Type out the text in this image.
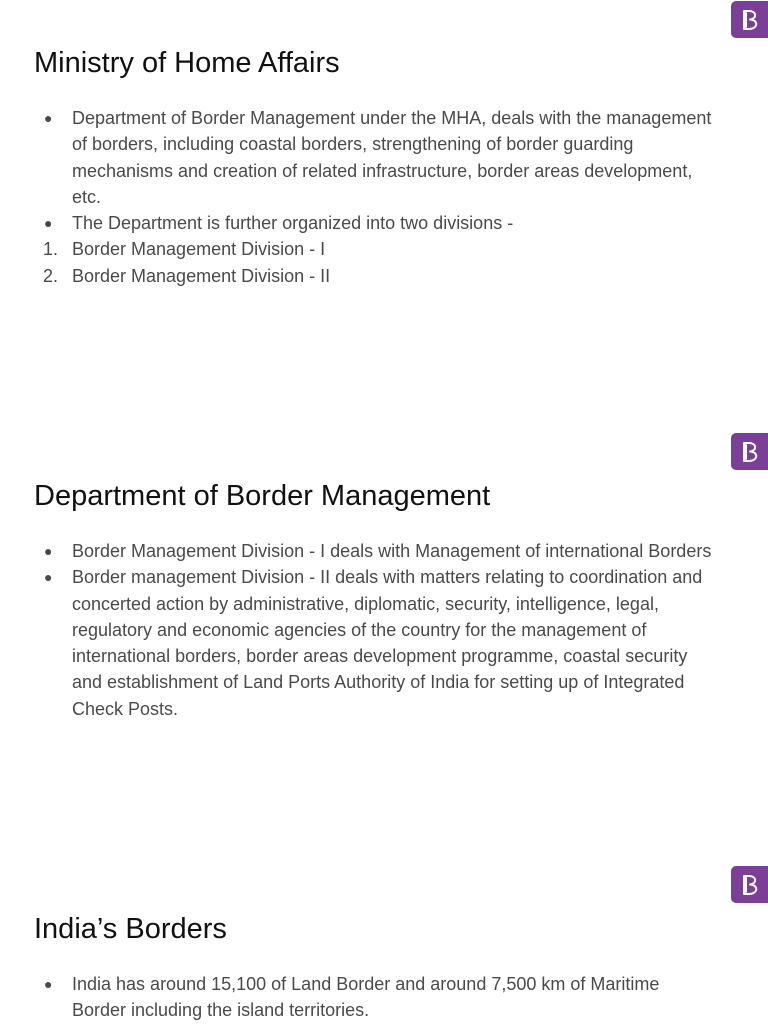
Ministry of Home Affairs
● Department of Border Management under the MHA, deals with the management of borders, including coastal borders, strengthening of border guarding mechanisms and creation of related infrastructure, border areas development, etc.
● The Department is further organized into two divisions -
1. Border Management Division - I
2. Border Management Division - II
Department of Border Management
● Border Management Division - I deals with Management of international Borders
● Border management Division - II deals with matters relating to coordination and concerted action by administrative, diplomatic, security, intelligence, legal, regulatory and economic agencies of the country for the management of international borders, border areas development programme, coastal security and establishment of Land Ports Authority of India for setting up of Integrated Check Posts.
India’s Borders
● India has around 15,100 of Land Border and around 7,500 km of Maritime Border including the island territories.
